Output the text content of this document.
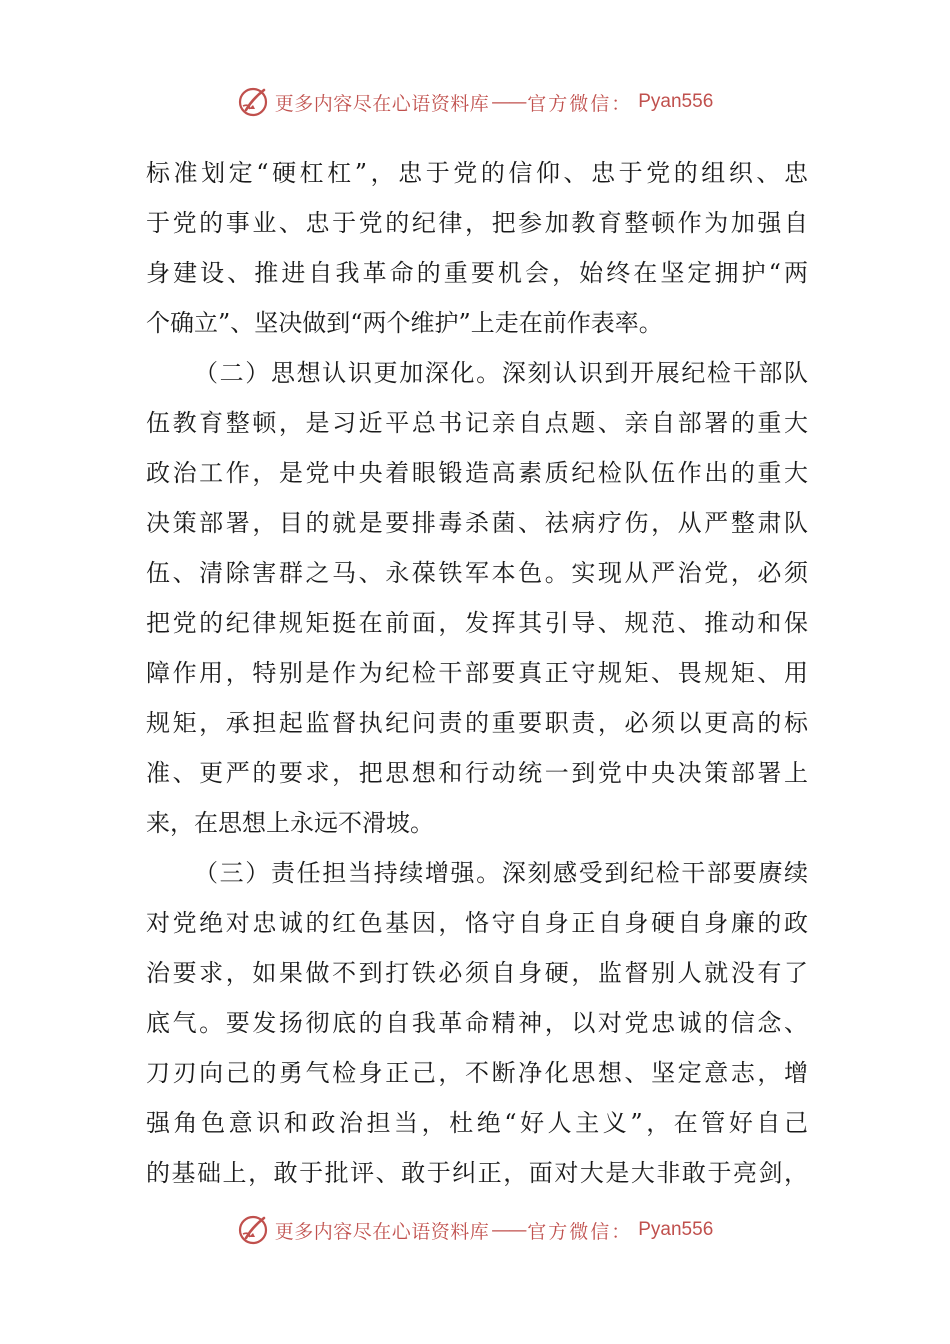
更多内容尽在心语资料库 —— 官方微信： Pyan556
标准划定“硬杠杠”，忠于党的信仰、忠于党的组织、忠
于党的事业、忠于党的纪律，把参加教育整顿作为加强自
身建设、推进自我革命的重要机会，始终在坚定拥护“两
个确立”、坚决做到“两个维护”上走在前作表率。
（二）思想认识更加深化。深刻认识到开展纪检干部队
伍教育整顿，是习近平总书记亲自点题、亲自部署的重大
政治工作，是党中央着眼锻造高素质纪检队伍作出的重大
决策部署，目的就是要排毒杀菌、祛病疗伤，从严整肃队
伍、清除害群之马、永葆铁军本色。实现从严治党，必须
把党的纪律规矩挺在前面，发挥其引导、规范、推动和保
障作用，特别是作为纪检干部要真正守规矩、畏规矩、用
规矩，承担起监督执纪问责的重要职责，必须以更高的标
准、更严的要求，把思想和行动统一到党中央决策部署上
来，在思想上永远不滑坡。
（三）责任担当持续增强。深刻感受到纪检干部要赓续
对党绝对忠诚的红色基因，恪守自身正自身硬自身廉的政
治要求，如果做不到打铁必须自身硬，监督别人就没有了
底气。要发扬彻底的自我革命精神，以对党忠诚的信念、
刀刃向己的勇气检身正己，不断净化思想、坚定意志，增
强角色意识和政治担当，杜绝“好人主义”，在管好自己
的基础上，敢于批评、敢于纠正，面对大是大非敢于亮剑，
更多内容尽在心语资料库 —— 官方微信： Pyan556
